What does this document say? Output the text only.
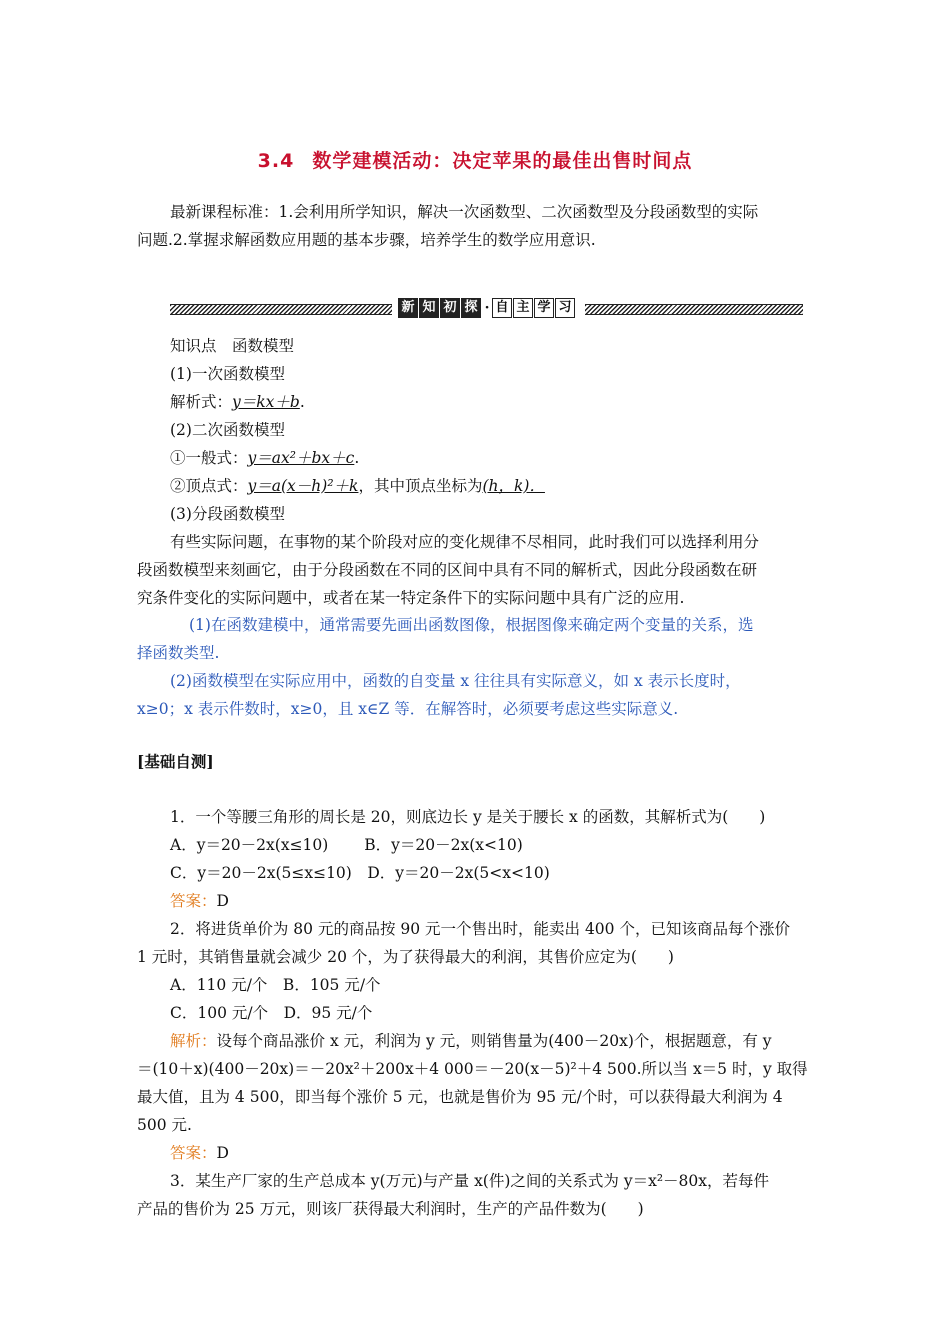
3.4 数学建模活动：决定苹果的最佳出售时间点

最新课程标准：1.会利用所学知识，解决一次函数型、二次函数型及分段函数型的实际

问题.2.掌握求解函数应用题的基本步骤，培养学生的数学应用意识.

新 知 初 探 · 自 主 学 习

知识点　函数模型

(1)一次函数模型

解析式：y＝kx＋b.

(2)二次函数模型

①一般式：y＝ax²＋bx＋c.

②顶点式：y＝a(x－h)²＋k，其中顶点坐标为(h，k)．

(3)分段函数模型

有些实际问题，在事物的某个阶段对应的变化规律不尽相同，此时我们可以选择利用分

段函数模型来刻画它，由于分段函数在不同的区间中具有不同的解析式，因此分段函数在研

究条件变化的实际问题中，或者在某一特定条件下的实际问题中具有广泛的应用.

(1)在函数建模中，通常需要先画出函数图像，根据图像来确定两个变量的关系，选

择函数类型.

(2)函数模型在实际应用中，函数的自变量 x 往往具有实际意义，如 x 表示长度时，

x≥0；x 表示件数时，x≥0，且 x∈Z 等．在解答时，必须要考虑这些实际意义.

[基础自测]

1．一个等腰三角形的周长是 20，则底边长 y 是关于腰长 x 的函数，其解析式为(　　)

A．y＝20－2x(x≤10)　　 B．y＝20－2x(x<10)

C．y＝20－2x(5≤x≤10)　D．y＝20－2x(5<x<10)

答案：D

2．将进货单价为 80 元的商品按 90 元一个售出时，能卖出 400 个，已知该商品每个涨价

1 元时，其销售量就会减少 20 个，为了获得最大的利润，其售价应定为(　　)

A．110 元/个　B．105 元/个

C．100 元/个　D．95 元/个

解析：设每个商品涨价 x 元，利润为 y 元，则销售量为(400－20x)个，根据题意，有 y

＝(10＋x)(400－20x)＝－20x²＋200x＋4 000＝－20(x－5)²＋4 500.所以当 x＝5 时，y 取得

最大值，且为 4 500，即当每个涨价 5 元，也就是售价为 95 元/个时，可以获得最大利润为 4

500 元.

答案：D

3．某生产厂家的生产总成本 y(万元)与产量 x(件)之间的关系式为 y＝x²－80x，若每件

产品的售价为 25 万元，则该厂获得最大利润时，生产的产品件数为(　　)
